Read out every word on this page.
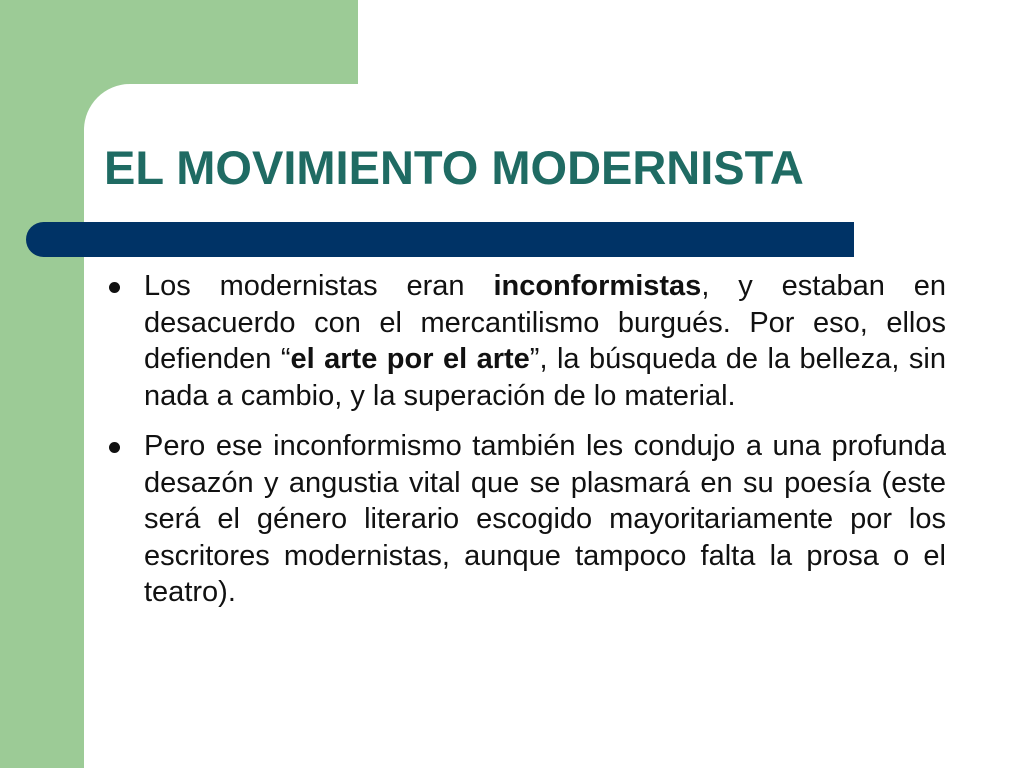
EL MOVIMIENTO MODERNISTA
Los modernistas eran inconformistas, y estaban en desacuerdo con el mercantilismo burgués. Por eso, ellos defienden “el arte por el arte”, la búsqueda de la belleza, sin nada a cambio, y la superación de lo material.
Pero ese inconformismo también les condujo a una profunda desazón y angustia vital que se plasmará en su poesía (este será el género literario escogido mayoritariamente por los escritores modernistas, aunque tampoco falta la prosa o el teatro).
